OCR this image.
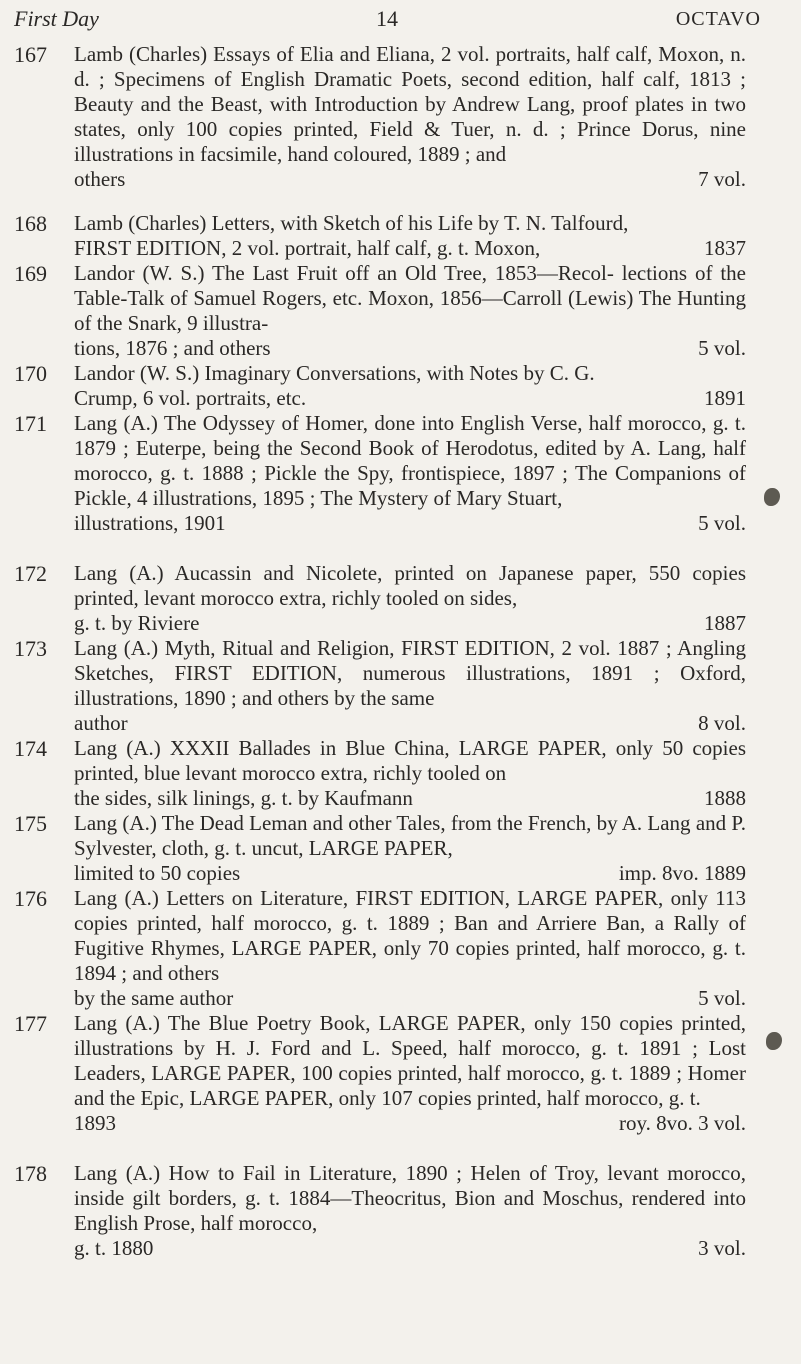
First Day	14	OCTAVO
167	Lamb (Charles) Essays of Elia and Eliana, 2 vol. portraits, half calf, Moxon, n. d. ; Specimens of English Dramatic Poets, second edition, half calf, 1813 ; Beauty and the Beast, with Introduction by Andrew Lang, proof plates in two states, only 100 copies printed, Field & Tuer, n. d. ; Prince Dorus, nine illustrations in facsimile, hand coloured, 1889 ; and
others	7 vol.
168	Lamb (Charles) Letters, with Sketch of his Life by T. N. Talfourd,
FIRST EDITION, 2 vol. portrait, half calf, g. t. Moxon,	1837
169	Landor (W. S.) The Last Fruit off an Old Tree, 1853—Recol- lections of the Table-Talk of Samuel Rogers, etc. Moxon, 1856—Carroll (Lewis) The Hunting of the Snark, 9 illustra-
tions, 1876 ; and others	5 vol.
170	Landor (W. S.) Imaginary Conversations, with Notes by C. G.
Crump, 6 vol. portraits, etc.	1891
171	Lang (A.) The Odyssey of Homer, done into English Verse, half morocco, g. t. 1879 ; Euterpe, being the Second Book of Herodotus, edited by A. Lang, half morocco, g. t. 1888 ; Pickle the Spy, frontispiece, 1897 ; The Companions of Pickle, 4 illustrations, 1895 ; The Mystery of Mary Stuart,
illustrations, 1901	5 vol.
172	Lang (A.) Aucassin and Nicolete, printed on Japanese paper, 550 copies printed, levant morocco extra, richly tooled on sides,
g. t. by Riviere	1887
173	Lang (A.) Myth, Ritual and Religion, FIRST EDITION, 2 vol. 1887 ; Angling Sketches, FIRST EDITION, numerous illustrations, 1891 ; Oxford, illustrations, 1890 ; and others by the same
author	8 vol.
174	Lang (A.) XXXII Ballades in Blue China, LARGE PAPER, only 50 copies printed, blue levant morocco extra, richly tooled on
the sides, silk linings, g. t. by Kaufmann	1888
175	Lang (A.) The Dead Leman and other Tales, from the French, by A. Lang and P. Sylvester, cloth, g. t. uncut, LARGE PAPER,
limited to 50 copies	imp. 8vo. 1889
176	Lang (A.) Letters on Literature, FIRST EDITION, LARGE PAPER, only 113 copies printed, half morocco, g. t. 1889 ; Ban and Arriere Ban, a Rally of Fugitive Rhymes, LARGE PAPER, only 70 copies printed, half morocco, g. t. 1894 ; and others
by the same author	5 vol.
177	Lang (A.) The Blue Poetry Book, LARGE PAPER, only 150 copies printed, illustrations by H. J. Ford and L. Speed, half morocco, g. t. 1891 ; Lost Leaders, LARGE PAPER, 100 copies printed, half morocco, g. t. 1889 ; Homer and the Epic, LARGE PAPER, only 107 copies printed, half morocco, g. t.
1893	roy. 8vo. 3 vol.
178	Lang (A.) How to Fail in Literature, 1890 ; Helen of Troy, levant morocco, inside gilt borders, g. t. 1884—Theocritus, Bion and Moschus, rendered into English Prose, half morocco,
g. t. 1880	3 vol.
